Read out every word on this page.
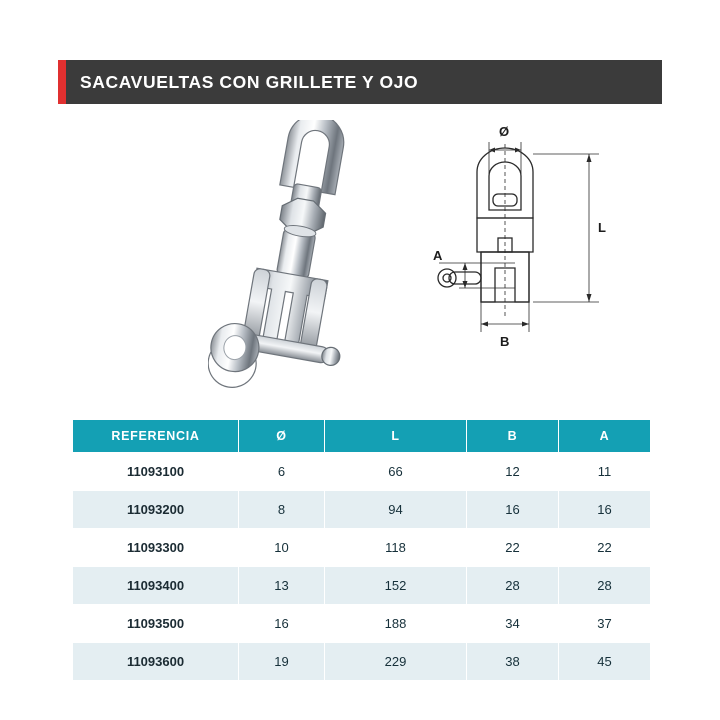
SACAVUELTAS CON GRILLETE Y OJO
Ø
L
B
A
REFERENCIA	Ø	L	B	A
11093100	6	66	12	11
11093200	8	94	16	16
11093300	10	118	22	22
11093400	13	152	28	28
11093500	16	188	34	37
11093600	19	229	38	45
